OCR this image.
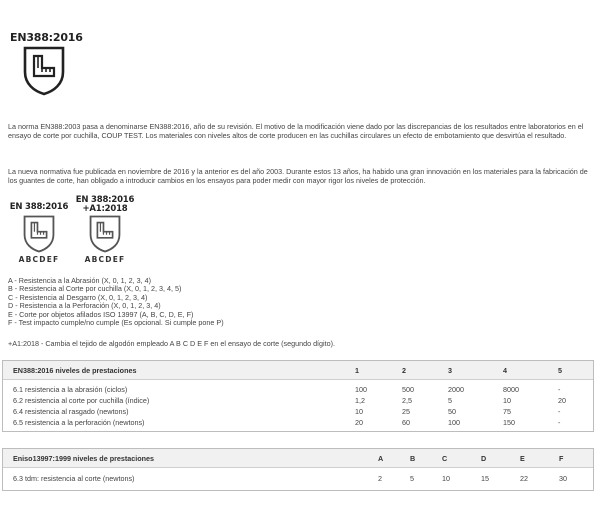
EN388:2016
La norma EN388:2003 pasa a denominarse EN388:2016, año de su revisión. El motivo de la modificación viene dado por las discrepancias de los resultados entre laboratorios en el ensayo de corte por cuchilla, COUP TEST. Los materiales con niveles altos de corte producen en las cuchillas circulares un efecto de embotamiento que desvirtúa el resultado.
La nueva normativa fue publicada en noviembre de 2016 y la anterior es del año 2003. Durante estos 13 años, ha habido una gran innovación en los materiales para la fabricación de los guantes de corte, han obligado a introducir cambios en los ensayos para poder medir con mayor rigor los niveles de protección.
EN 388:2016
ABCDEF
EN 388:2016
+A1:2018
ABCDEF
A - Resistencia a la Abrasión (X, 0, 1, 2, 3, 4)
B - Resistencia al Corte por cuchilla (X, 0, 1, 2, 3, 4, 5)
C - Resistencia al Desgarro (X, 0, 1, 2, 3, 4)
D - Resistencia a la Perforación (X, 0, 1, 2, 3, 4)
E - Corte por objetos afilados ISO 13997 (A, B, C, D, E, F)
F - Test impacto cumple/no cumple (Es opcional. Si cumple pone P)
+A1:2018 - Cambia el tejido de algodón empleado A B C D E F en el ensayo de corte (segundo dígito).
EN388:2016 niveles de prestaciones	1	2	3	4	5
6.1 resistencia a la abrasión (ciclos)	100	500	2000	8000	-
6.2 resistencia al corte por cuchilla (índice)	1,2	2,5	5	10	20
6.4 resistencia al rasgado (newtons)	10	25	50	75	-
6.5 resistencia a la perforación (newtons)	20	60	100	150	-
Eniso13997:1999 niveles de prestaciones	A	B	C	D	E	F
6.3 tdm: resistencia al corte (newtons)	2	5	10	15	22	30
